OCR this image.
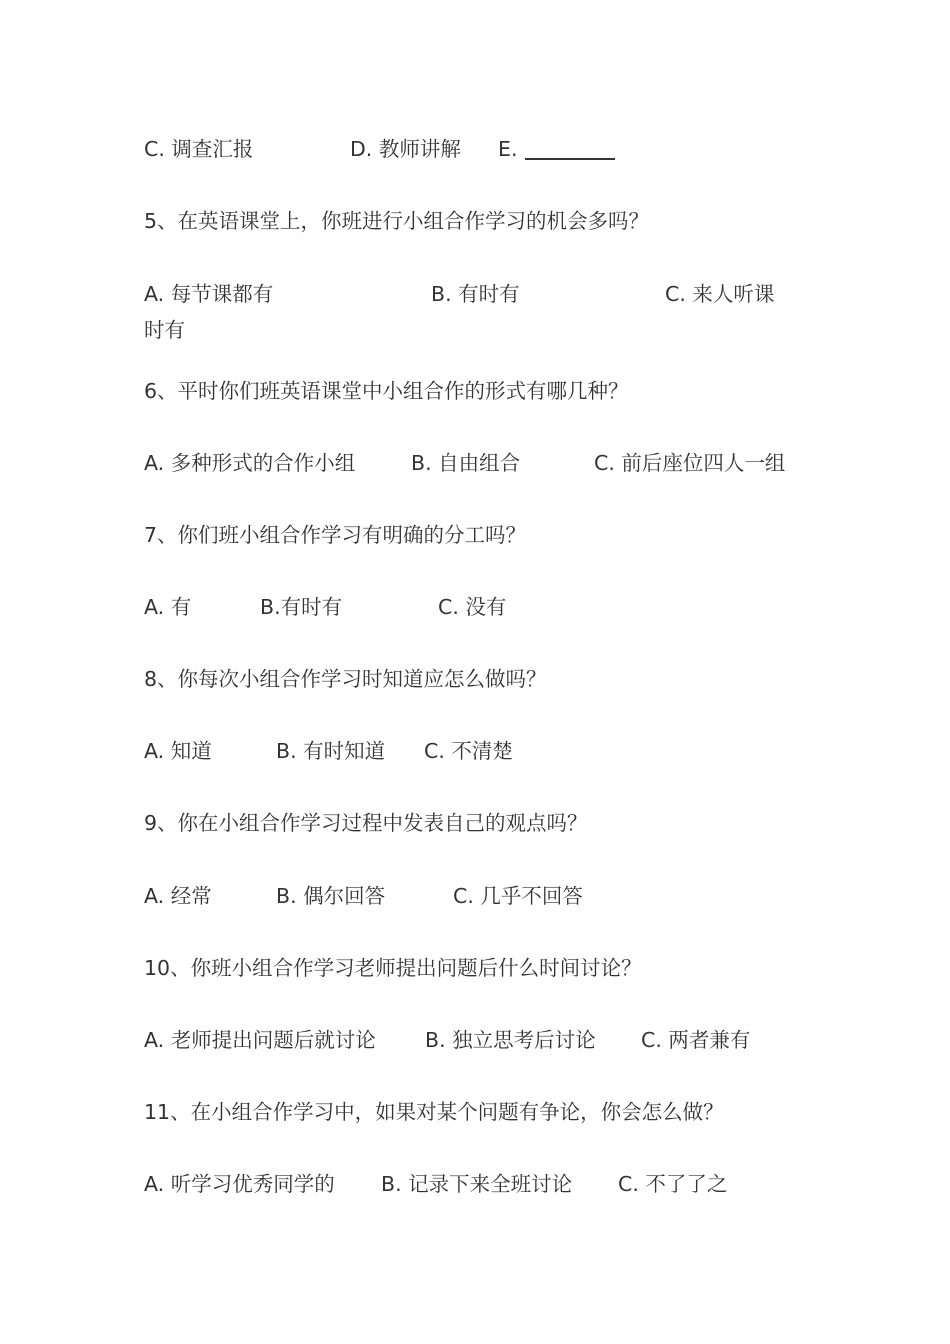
C. 调查汇报	D. 教师讲解 E.
5、在英语课堂上，你班进行小组合作学习的机会多吗？
A. 每节课都有	B. 有时有	C. 来人听课
时有
6、平时你们班英语课堂中小组合作的形式有哪几种？
A. 多种形式的合作小组	B. 自由组合	C. 前后座位四人一组
7、你们班小组合作学习有明确的分工吗？
A. 有	B.有时有	C. 没有
8、你每次小组合作学习时知道应怎么做吗？
A. 知道	B. 有时知道 C. 不清楚
9、你在小组合作学习过程中发表自己的观点吗？
A. 经常	B. 偶尔回答	C. 几乎不回答
10、你班小组合作学习老师提出问题后什么时间讨论？
A. 老师提出问题后就讨论 B. 独立思考后讨论 C. 两者兼有
11、在小组合作学习中，如果对某个问题有争论，你会怎么做？
A. 听学习优秀同学的 B. 记录下来全班讨论 C. 不了了之
